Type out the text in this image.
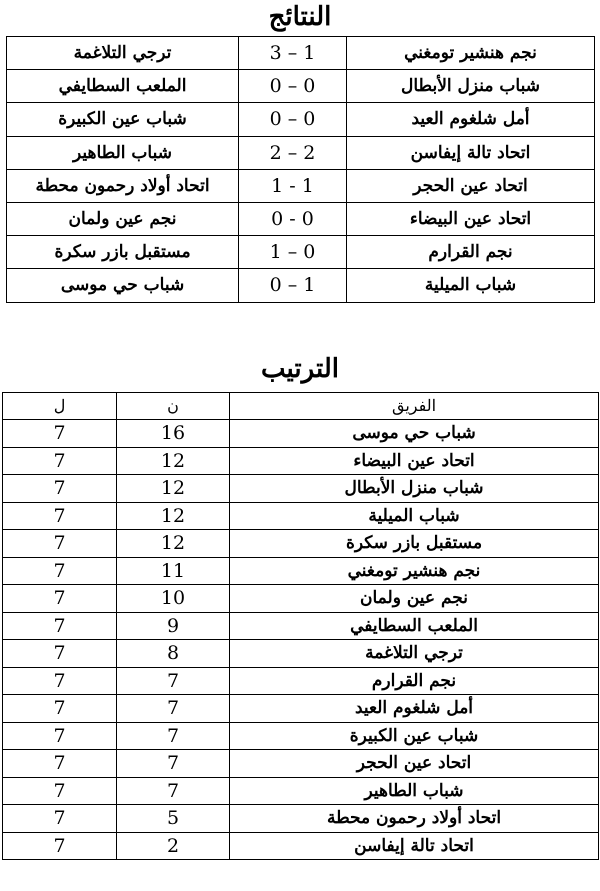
النتائج
نجم هنشير تومغني	3 – 1	ترجي التلاغمة
شباب منزل الأبطال	0 – 0	الملعب السطايفي
أمل شلغوم العيد	0 – 0	شباب عين الكبيرة
اتحاد تالة إيفاسن	2 – 2	شباب الطاهير
اتحاد عين الحجر	1 - 1	اتحاد أولاد رحمون محطة
اتحاد عين البيضاء	0 - 0	نجم عين ولمان
نجم القرارم	1 – 0	مستقبل بازر سكرة
شباب الميلية	0 – 1	شباب حي موسى
الترتيب
الفريق	ن	ل
شباب حي موسى	16	7
اتحاد عين البيضاء	12	7
شباب منزل الأبطال	12	7
شباب الميلية	12	7
مستقبل بازر سكرة	12	7
نجم هنشير تومغني	11	7
نجم عين ولمان	10	7
الملعب السطايفي	9	7
ترجي التلاغمة	8	7
نجم القرارم	7	7
أمل شلغوم العيد	7	7
شباب عين الكبيرة	7	7
اتحاد عين الحجر	7	7
شباب الطاهير	7	7
اتحاد أولاد رحمون محطة	5	7
اتحاد تالة إيفاسن	2	7
